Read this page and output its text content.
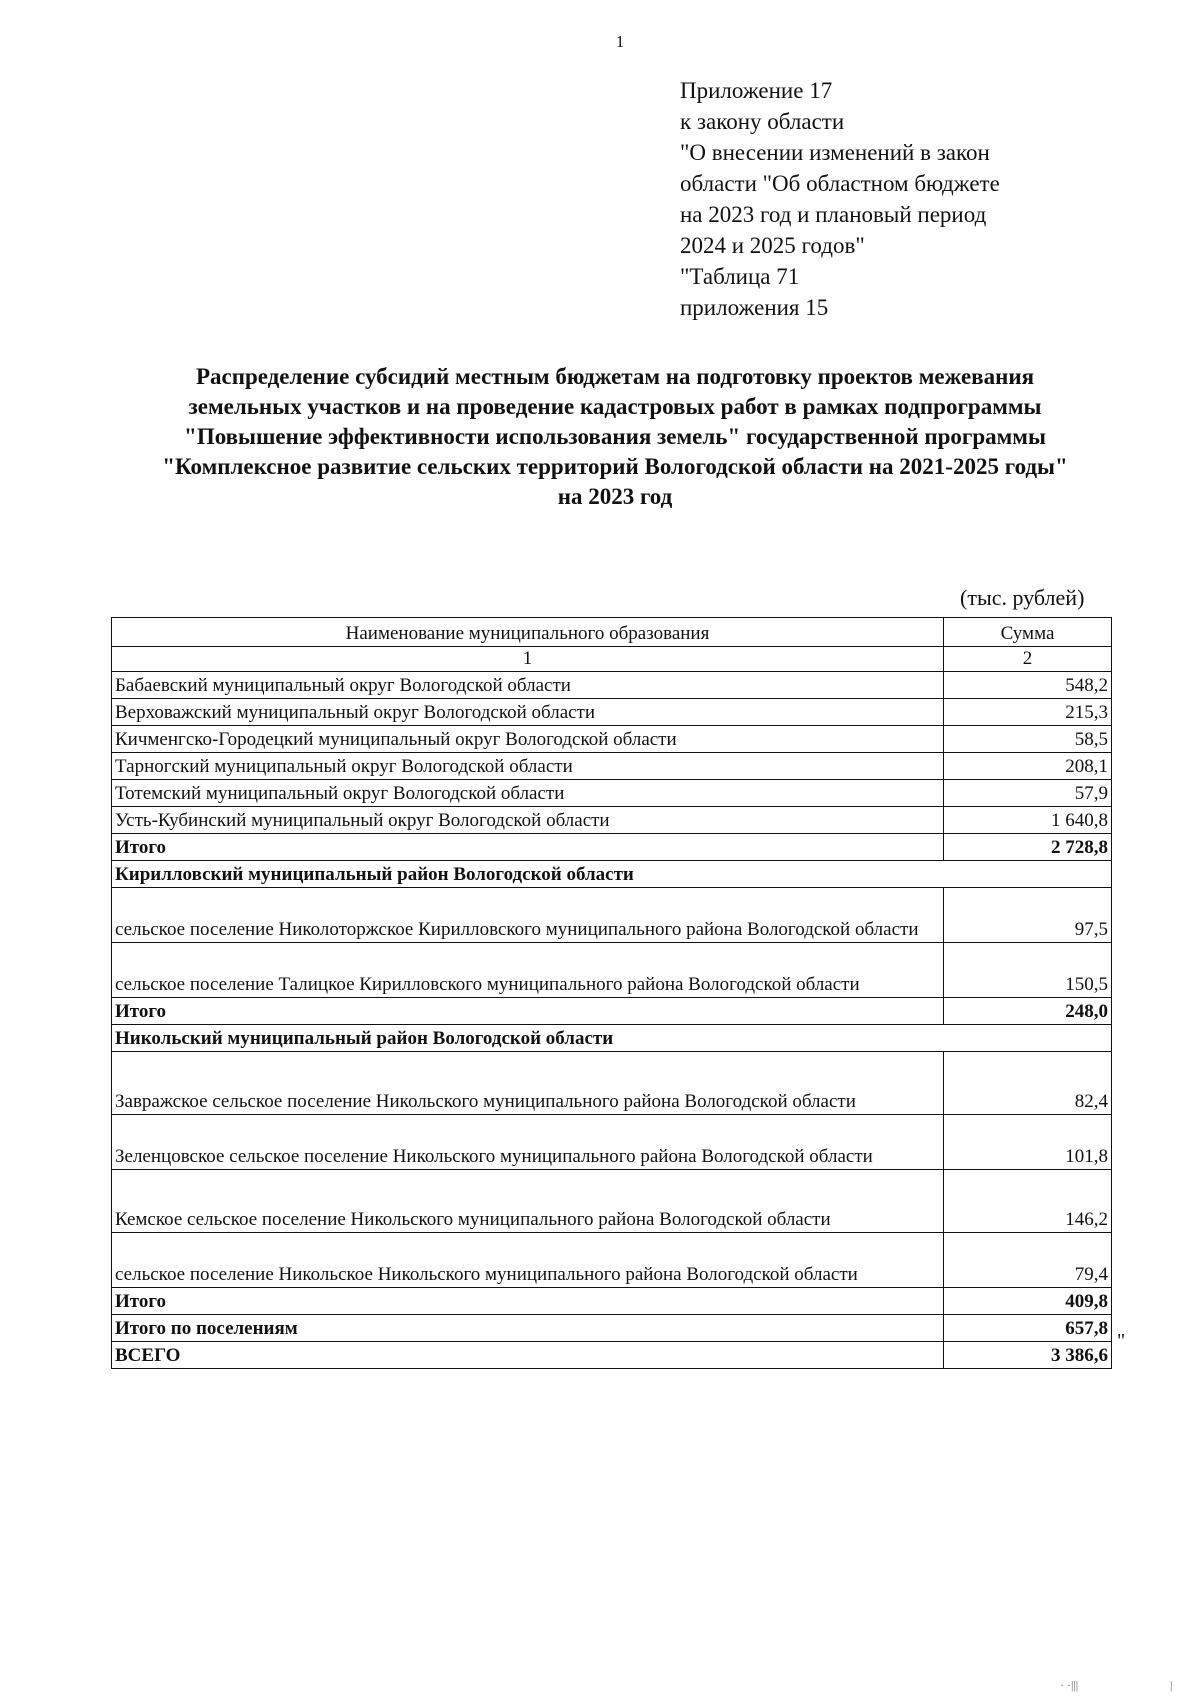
1
Приложение 17
к закону области
"О внесении изменений в закон
области "Об областном бюджете
на 2023 год и плановый период
2024 и 2025 годов"
"Таблица 71
приложения 15
Распределение субсидий местным бюджетам на подготовку проектов межевания
земельных участков и на проведение кадастровых работ в рамках подпрограммы
"Повышение эффективности использования земель" государственной программы
"Комплексное развитие сельских территорий Вологодской области на 2021-2025 годы"
на 2023 год
(тыс. рублей)
Наименование муниципального образования	Сумма
1	2
Бабаевский муниципальный округ Вологодской области	548,2
Верховажский муниципальный округ Вологодской области	215,3
Кичменгско-Городецкий муниципальный округ Вологодской области	58,5
Тарногский муниципальный округ Вологодской области	208,1
Тотемский муниципальный округ Вологодской области	57,9
Усть-Кубинский муниципальный округ Вологодской области	1 640,8
Итого	2 728,8
Кирилловский муниципальный район Вологодской области	
сельское поселение Николоторжское Кирилловского муниципального района Вологодской области	97,5
сельское поселение Талицкое Кирилловского муниципального района Вологодской области	150,5
Итого	248,0
Никольский муниципальный район Вологодской области	
Завражское сельское поселение Никольского муниципального района Вологодской области	82,4
Зеленцовское сельское поселение Никольского муниципального района Вологодской области	101,8
Кемское сельское поселение Никольского муниципального района Вологодской области	146,2
сельское поселение Никольское Никольского муниципального района Вологодской области	79,4
Итого	409,8
Итого по поселениям	657,8
ВСЕГО	3 386,6
"
· ·|||	|
